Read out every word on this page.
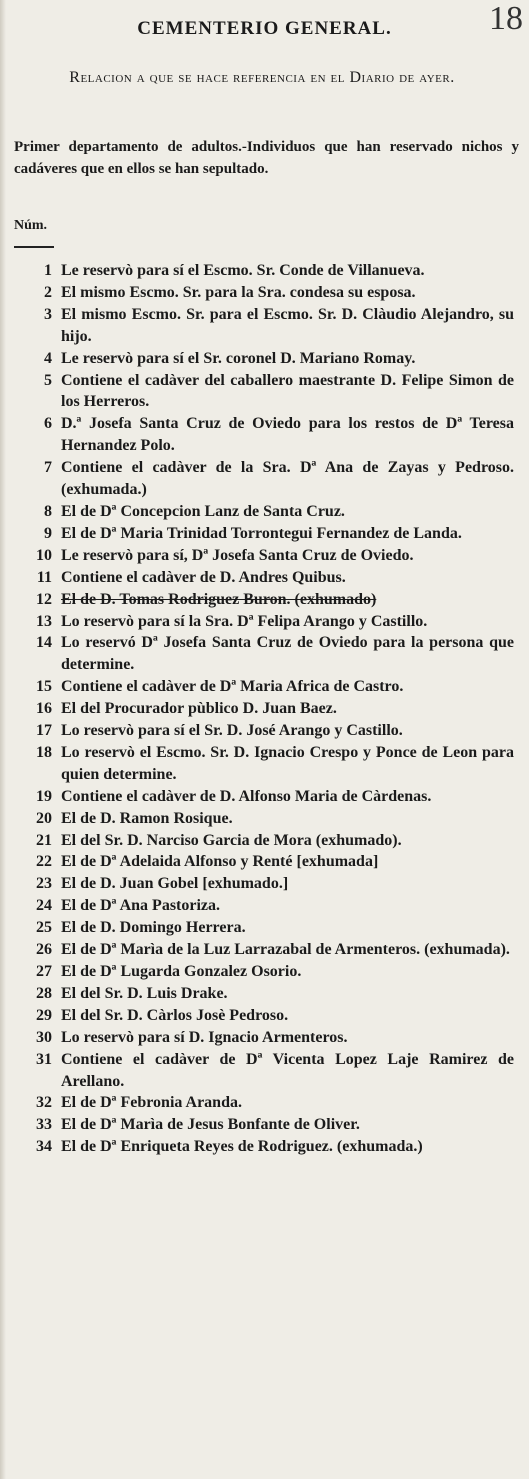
18
CEMENTERIO GENERAL.
Relacion a que se hace referencia en el Diario de ayer.
Primer departamento de adultos.-Individuos que han reservado nichos y cadáveres que en ellos se han sepultado.
Núm.
1 Le reservò para sí el Escmo. Sr. Conde de Villanueva.
2 El mismo Escmo. Sr. para la Sra. condesa su esposa.
3 El mismo Escmo. Sr. para el Escmo. Sr. D. Clàudio Alejandro, su hijo.
4 Le reservò para sí el Sr. coronel D. Mariano Romay.
5 Contiene el cadàver del caballero maestrante D. Felipe Simon de los Herreros.
6 D.ª Josefa Santa Cruz de Oviedo para los restos de Dª Teresa Hernandez Polo.
7 Contiene el cadàver de la Sra. Dª Ana de Zayas y Pedroso. (exhumada.)
8 El de Dª Concepcion Lanz de Santa Cruz.
9 El de Dª Maria Trinidad Torrontegui Fernandez de Landa.
10 Le reservò para sí, Dª Josefa Santa Cruz de Oviedo.
11 Contiene el cadàver de D. Andres Quibus.
12 El de D. Tomas Rodriguez Buron. (exhumado)
13 Lo reservò para sí la Sra. Dª Felipa Arango y Castillo.
14 Lo reservó Dª Josefa Santa Cruz de Oviedo para la persona que determine.
15 Contiene el cadàver de Dª Maria Africa de Castro.
16 El del Procurador pùblico D. Juan Baez.
17 Lo reservò para sí el Sr. D. José Arango y Castillo.
18 Lo reservò el Escmo. Sr. D. Ignacio Crespo y Ponce de Leon para quien determine.
19 Contiene el cadàver de D. Alfonso Maria de Càrdenas.
20 El de D. Ramon Rosique.
21 El del Sr. D. Narciso Garcia de Mora (exhumado).
22 El de Dª Adelaida Alfonso y Renté [exhumada]
23 El de D. Juan Gobel [exhumado.]
24 El de Dª Ana Pastoriza.
25 El de D. Domingo Herrera.
26 El de Dª Marìa de la Luz Larrazabal de Armenteros. (exhumada).
27 El de Dª Lugarda Gonzalez Osorio.
28 El del Sr. D. Luis Drake.
29 El del Sr. D. Càrlos Josè Pedroso.
30 Lo reservò para sí D. Ignacio Armenteros.
31 Contiene el cadàver de Dª Vicenta Lopez Laje Ramirez de Arellano.
32 El de Dª Febronia Aranda.
33 El de Dª Marìa de Jesus Bonfante de Oliver.
34 El de Dª Enriqueta Reyes de Rodriguez. (exhumada.)
